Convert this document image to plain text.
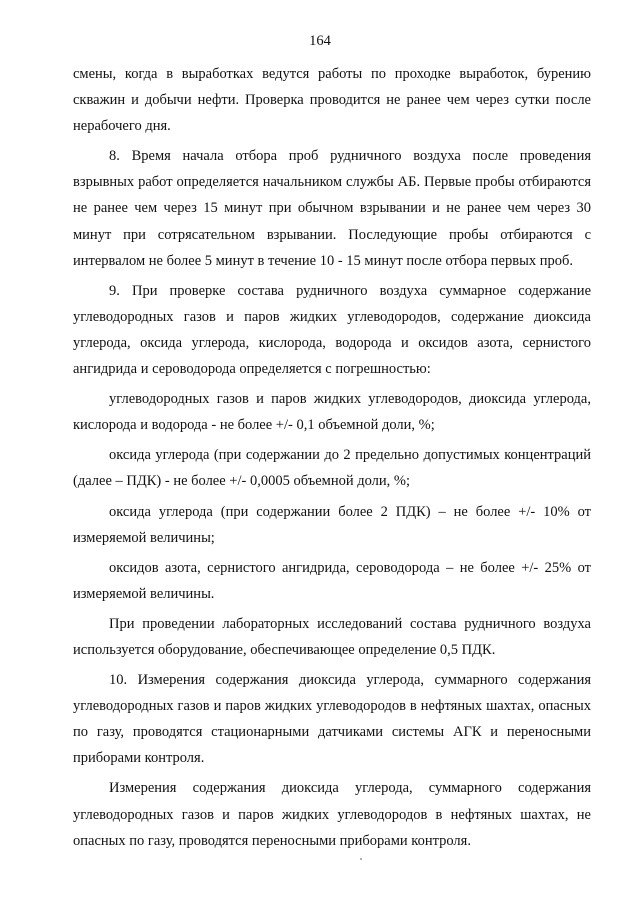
164

смены, когда в выработках ведутся работы по проходке выработок, бурению скважин и добычи нефти. Проверка проводится не ранее чем через сутки после нерабочего дня.

8. Время начала отбора проб рудничного воздуха после проведения взрывных работ определяется начальником службы АБ. Первые пробы отбираются не ранее чем через 15 минут при обычном взрывании и не ранее чем через 30 минут при сотрясательном взрывании. Последующие пробы отбираются с интервалом не более 5 минут в течение 10 - 15 минут после отбора первых проб.

9. При проверке состава рудничного воздуха суммарное содержание углеводородных газов и паров жидких углеводородов, содержание диоксида углерода, оксида углерода, кислорода, водорода и оксидов азота, сернистого ангидрида и сероводорода определяется с погрешностью:

углеводородных газов и паров жидких углеводородов, диоксида углерода, кислорода и водорода - не более +/- 0,1 объемной доли, %;

оксида углерода (при содержании до 2 предельно допустимых концентраций (далее – ПДК) - не более +/- 0,0005 объемной доли, %;

оксида углерода (при содержании более 2 ПДК) – не более +/- 10% от измеряемой величины;

оксидов азота, сернистого ангидрида, сероводорода – не более +/- 25% от измеряемой величины.

При проведении лабораторных исследований состава рудничного воздуха используется оборудование, обеспечивающее определение 0,5 ПДК.

10. Измерения содержания диоксида углерода, суммарного содержания углеводородных газов и паров жидких углеводородов в нефтяных шахтах, опасных по газу, проводятся стационарными датчиками системы АГК и переносными приборами контроля.

Измерения содержания диоксида углерода, суммарного содержания углеводородных газов и паров жидких углеводородов в нефтяных шахтах, не опасных по газу, проводятся переносными приборами контроля.
